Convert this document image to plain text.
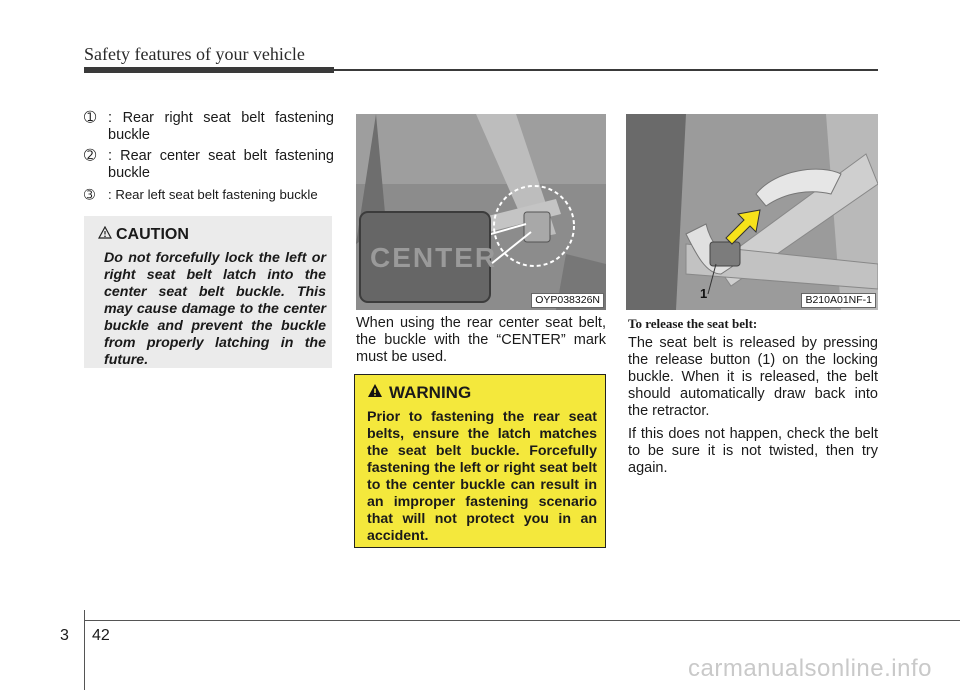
Safety features of your vehicle
➀ : Rear right seat belt fastening buckle
➁ : Rear center seat belt fastening buckle
➂ : Rear left seat belt fastening buckle
CAUTION
Do not forcefully lock the left or right seat belt latch into the center seat belt buckle. This may cause damage to the center buckle and prevent the buckle from properly latching in the future.
CENTER
OYP038326N	1	B210A01NF-1
When using the rear center seat belt, the buckle with the “CENTER” mark must be used.
WARNING
Prior to fastening the rear seat belts, ensure the latch matches the seat belt buckle. Forcefully fastening the left or right seat belt to the center buckle can result in an improper fastening scenario that will not protect you in an accident.
To release the seat belt:
The seat belt is released by pressing the release button (1) on the locking buckle. When it is released, the belt should automatically draw back into the retractor.
If this does not happen, check the belt to be sure it is not twisted, then try again.
3 42
carmanualsonline.info
